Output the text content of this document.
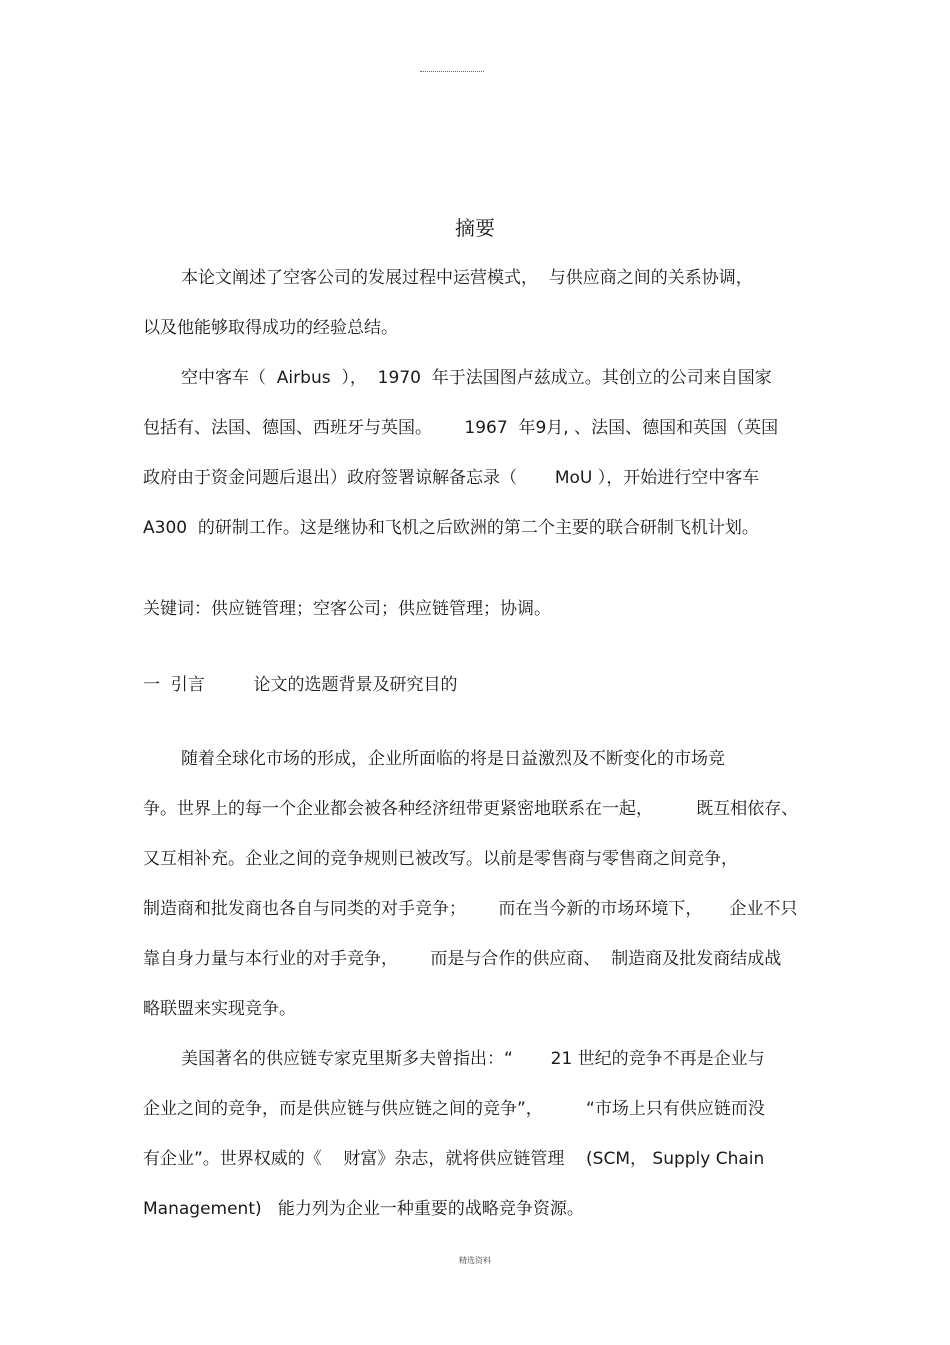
摘要
本论文阐述了空客公司的发展过程中运营模式，  与供应商之间的关系协调，
以及他能够取得成功的经验总结。
空中客车（  Airbus  ），  1970  年于法国图卢兹成立。其创立的公司来自国家
包括有、法国、德国、西班牙与英国。      1967  年9月, 、法国、德国和英国（英国
政府由于资金问题后退出）政府签署谅解备忘录（       MoU ），开始进行空中客车
A300  的研制工作。这是继协和飞机之后欧洲的第二个主要的联合研制飞机计划。
关键词：供应链管理；空客公司；供应链管理；协调。
一  引言         论文的选题背景及研究目的
随着全球化市场的形成，企业所面临的将是日益激烈及不断变化的市场竞
争。世界上的每一个企业都会被各种经济纽带更紧密地联系在一起，        既互相依存、
又互相补充。企业之间的竞争规则已被改写。以前是零售商与零售商之间竞争，
制造商和批发商也各自与同类的对手竞争；      而在当今新的市场环境下，     企业不只
靠自身力量与本行业的对手竞争，      而是与合作的供应商、  制造商及批发商结成战
略联盟来实现竞争。
美国著名的供应链专家克里斯多夫曾指出：“       21 世纪的竞争不再是企业与
企业之间的竞争，而是供应链与供应链之间的竞争”，        “市场上只有供应链而没
有企业”。世界权威的《    财富》杂志，就将供应链管理    (SCM， Supply Chain
Management)   能力列为企业一种重要的战略竞争资源。
精选资料
